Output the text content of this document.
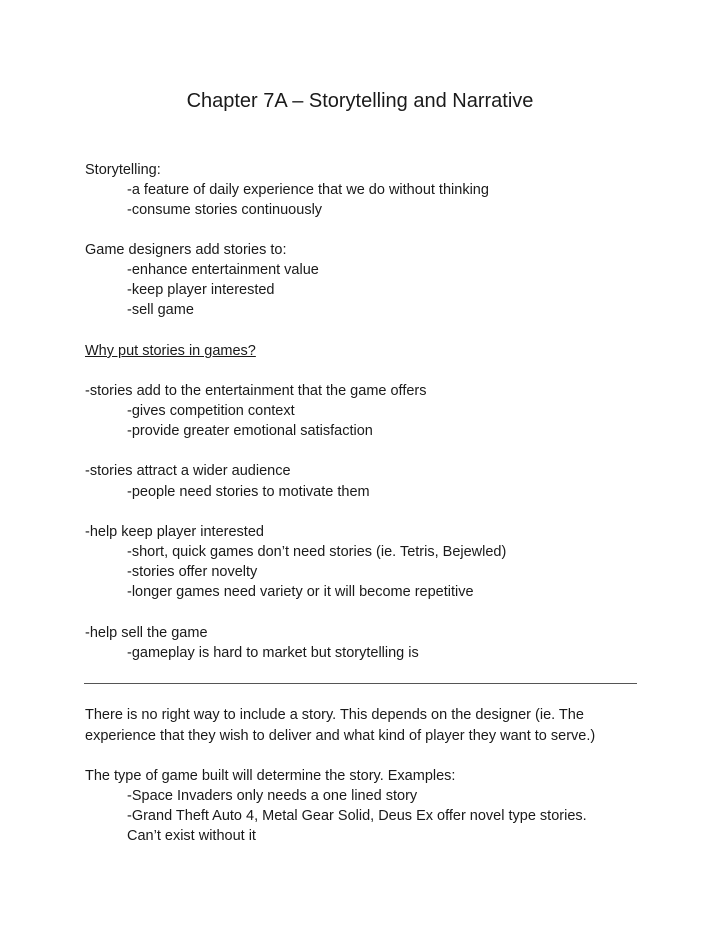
Chapter 7A – Storytelling and Narrative
Storytelling:
-a feature of daily experience that we do without thinking
-consume stories continuously
Game designers add stories to:
-enhance entertainment value
-keep player interested
-sell game
Why put stories in games?
-stories add to the entertainment that the game offers
-gives competition context
-provide greater emotional satisfaction
-stories attract a wider audience
-people need stories to motivate them
-help keep player interested
-short, quick games don’t need stories (ie. Tetris, Bejewled)
-stories offer novelty
-longer games need variety or it will become repetitive
-help sell the game
-gameplay is hard to market but storytelling is
There is no right way to include a story. This depends on the designer (ie. The
experience that they wish to deliver and what kind of player they want to serve.)
The type of game built will determine the story. Examples:
-Space Invaders only needs a one lined story
-Grand Theft Auto 4, Metal Gear Solid, Deus Ex offer novel type stories.
Can’t exist without it
